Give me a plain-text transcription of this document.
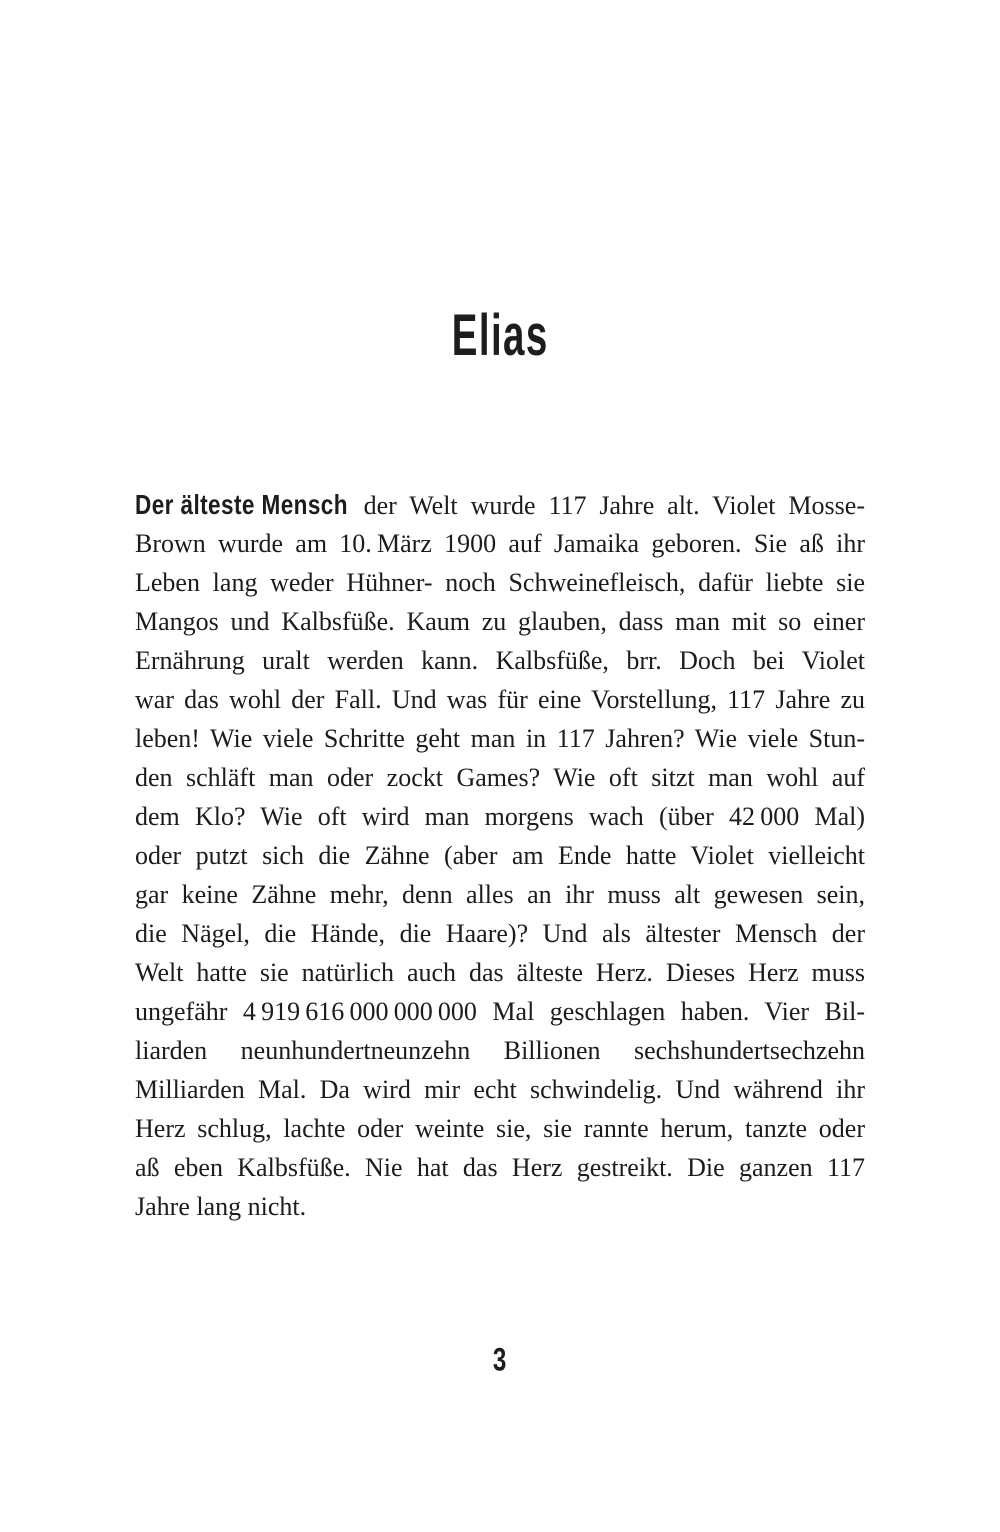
Elias
Der älteste Mensch der Welt wurde 117 Jahre alt. Violet Mosse-
Brown wurde am 10. März 1900 auf Jamaika geboren. Sie aß ihr
Leben lang weder Hühner- noch Schweinefleisch, dafür liebte sie
Mangos und Kalbsfüße. Kaum zu glauben, dass man mit so einer
Ernährung uralt werden kann. Kalbsfüße, brr. Doch bei Violet
war das wohl der Fall. Und was für eine Vorstellung, 117 Jahre zu
leben! Wie viele Schritte geht man in 117 Jahren? Wie viele Stun-
den schläft man oder zockt Games? Wie oft sitzt man wohl auf
dem Klo? Wie oft wird man morgens wach (über 42 000 Mal)
oder putzt sich die Zähne (aber am Ende hatte Violet vielleicht
gar keine Zähne mehr, denn alles an ihr muss alt gewesen sein,
die Nägel, die Hände, die Haare)? Und als ältester Mensch der
Welt hatte sie natürlich auch das älteste Herz. Dieses Herz muss
ungefähr 4 919 616 000 000 000 Mal geschlagen haben. Vier Bil-
liarden neunhundertneunzehn Billionen sechshundertsechzehn
Milliarden Mal. Da wird mir echt schwindelig. Und während ihr
Herz schlug, lachte oder weinte sie, sie rannte herum, tanzte oder
aß eben Kalbsfüße. Nie hat das Herz gestreikt. Die ganzen 117
Jahre lang nicht.
3
